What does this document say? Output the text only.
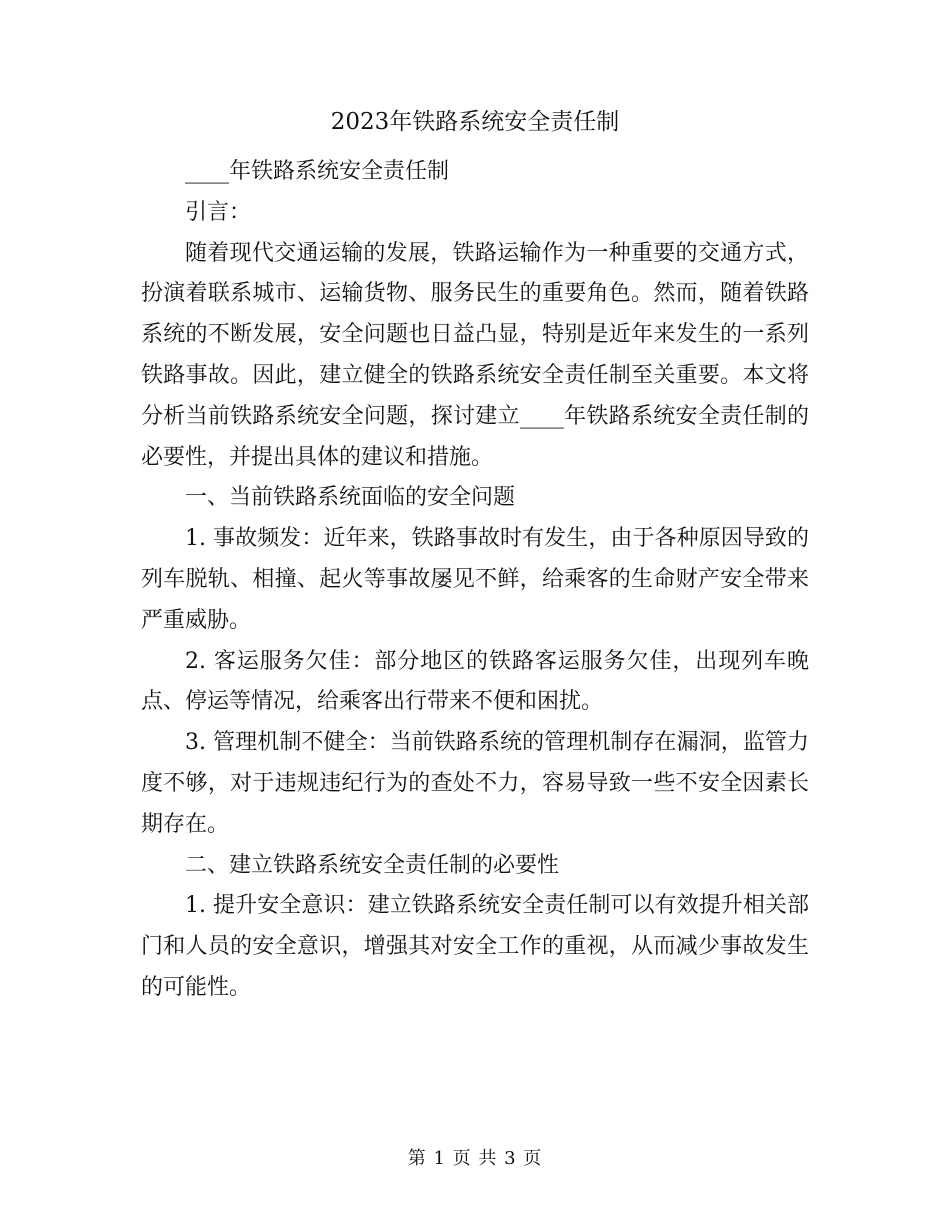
2023年铁路系统安全责任制

____年铁路系统安全责任制

引言：

随着现代交通运输的发展，铁路运输作为一种重要的交通方式，扮演着联系城市、运输货物、服务民生的重要角色。然而，随着铁路系统的不断发展，安全问题也日益凸显，特别是近年来发生的一系列铁路事故。因此，建立健全的铁路系统安全责任制至关重要。本文将分析当前铁路系统安全问题，探讨建立____年铁路系统安全责任制的必要性，并提出具体的建议和措施。

一、当前铁路系统面临的安全问题

1. 事故频发：近年来，铁路事故时有发生，由于各种原因导致的列车脱轨、相撞、起火等事故屡见不鲜，给乘客的生命财产安全带来严重威胁。

2. 客运服务欠佳：部分地区的铁路客运服务欠佳，出现列车晚点、停运等情况，给乘客出行带来不便和困扰。

3. 管理机制不健全：当前铁路系统的管理机制存在漏洞，监管力度不够，对于违规违纪行为的查处不力，容易导致一些不安全因素长期存在。

二、建立铁路系统安全责任制的必要性

1. 提升安全意识：建立铁路系统安全责任制可以有效提升相关部门和人员的安全意识，增强其对安全工作的重视，从而减少事故发生的可能性。

第 1 页 共 3 页
